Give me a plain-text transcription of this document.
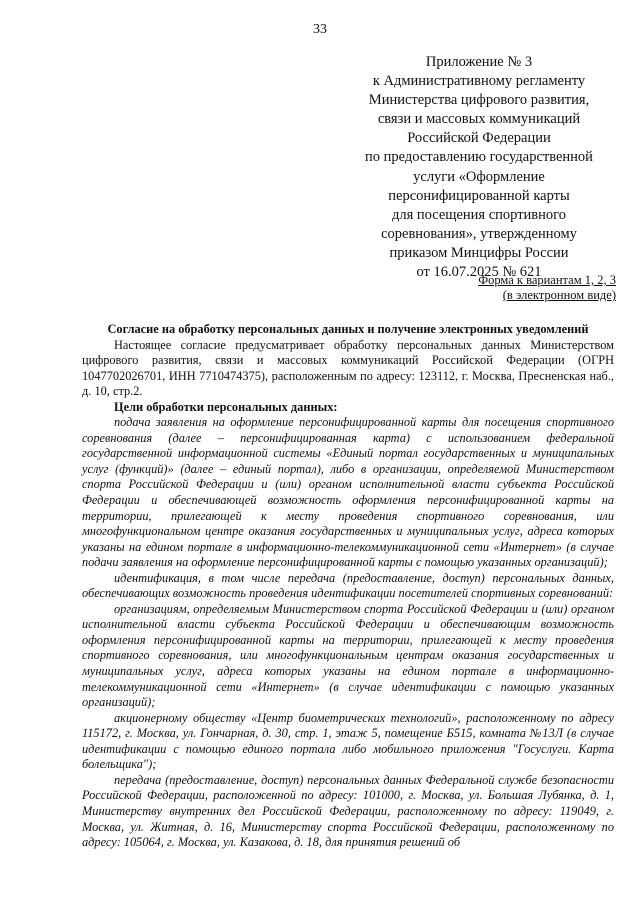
33
Приложение № 3
к Административному регламенту
Министерства цифрового развития,
связи и массовых коммуникаций
Российской Федерации
по предоставлению государственной
услуги «Оформление
персонифицированной карты
для посещения спортивного
соревнования», утвержденному
приказом Минцифры России
от 16.07.2025 № 621
Форма к вариантам 1, 2, 3
(в электронном виде)

Согласие на обработку персональных данных и получение электронных уведомлений

Настоящее согласие предусматривает обработку персональных данных Министерством цифрового развития, связи и массовых коммуникаций Российской Федерации (ОГРН 1047702026701, ИНН 7710474375), расположенным по адресу: 123112, г. Москва, Пресненская наб., д. 10, стр.2.

Цели обработки персональных данных:

подача заявления на оформление персонифицированной карты для посещения спортивного соревнования (далее – персонифицированная карта) с использованием федеральной государственной информационной системы «Единый портал государственных и муниципальных услуг (функций)» (далее – единый портал), либо в организации, определяемой Министерством спорта Российской Федерации и (или) органом исполнительной власти субъекта Российской Федерации и обеспечивающей возможность оформления персонифицированной карты на территории, прилегающей к месту проведения спортивного соревнования, или многофункциональном центре оказания государственных и муниципальных услуг, адреса которых указаны на едином портале в информационно-телекоммуникационной сети «Интернет» (в случае подачи заявления на оформление персонифицированной карты с помощью указанных организаций);

идентификация, в том числе передача (предоставление, доступ) персональных данных, обеспечивающих возможность проведения идентификации посетителей спортивных соревнований:

организациям, определяемым Министерством спорта Российской Федерации и (или) органом исполнительной власти субъекта Российской Федерации и обеспечивающим возможность оформления персонифицированной карты на территории, прилегающей к месту проведения спортивного соревнования, или многофункциональным центрам оказания государственных и муниципальных услуг, адреса которых указаны на едином портале в информационно-телекоммуникационной сети «Интернет» (в случае идентификации с помощью указанных организаций);

акционерному обществу «Центр биометрических технологий», расположенному по адресу 115172, г. Москва, ул. Гончарная, д. 30, стр. 1, этаж 5, помещение Б515, комната №13Л (в случае идентификации с помощью единого портала либо мобильного приложения "Госуслуги. Карта болельщика");

передача (предоставление, доступ) персональных данных Федеральной службе безопасности Российской Федерации, расположенной по адресу: 101000, г. Москва, ул. Большая Лубянка, д. 1, Министерству внутренних дел Российской Федерации, расположенному по адресу: 119049, г. Москва, ул. Житная, д. 16, Министерству спорта Российской Федерации, расположенному по адресу: 105064, г. Москва, ул. Казакова, д. 18, для принятия решений об
